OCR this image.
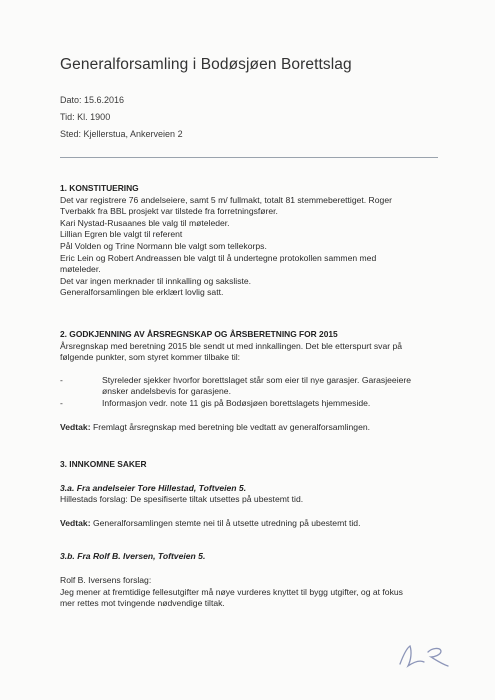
Generalforsamling i Bodøsjøen Borettslag
Dato: 15.6.2016
Tid: Kl. 1900
Sted: Kjellerstua, Ankerveien 2
1. KONSTITUERING
Det var registrere 76 andelseiere, samt 5 m/ fullmakt, totalt 81 stemmeberettiget. Roger
Tverbakk fra BBL prosjekt var tilstede fra forretningsfører.
Kari Nystad-Rusaanes ble valg til møteleder.
Lillian Egren ble valgt til referent
Pål Volden og Trine Normann ble valgt som tellekorps.
Eric Lein og Robert Andreassen ble valgt til å undertegne protokollen sammen med
møteleder.
Det var ingen merknader til innkalling og saksliste.
Generalforsamlingen ble erklært lovlig satt.
2. GODKJENNING AV ÅRSREGNSKAP OG ÅRSBERETNING FOR 2015
Årsregnskap med beretning 2015 ble sendt ut med innkallingen. Det ble etterspurt svar på
følgende punkter, som styret kommer tilbake til:
-	Styreleder sjekker hvorfor borettslaget står som eier til nye garasjer. Garasjeeiere
ønsker andelsbevis for garasjene.
-	Informasjon vedr. note 11 gis på Bodøsjøen borettslagets hjemmeside.
Vedtak: Fremlagt årsregnskap med beretning ble vedtatt av generalforsamlingen.
3. INNKOMNE SAKER
3.a. Fra andelseier Tore Hillestad, Toftveien 5.
Hillestads forslag: De spesifiserte tiltak utsettes på ubestemt tid.
Vedtak: Generalforsamlingen stemte nei til å utsette utredning på ubestemt tid.
3.b. Fra Rolf B. Iversen, Toftveien 5.
Rolf B. Iversens forslag:
Jeg mener at fremtidige fellesutgifter må nøye vurderes knyttet til bygg utgifter, og at fokus
mer rettes mot tvingende nødvendige tiltak.
